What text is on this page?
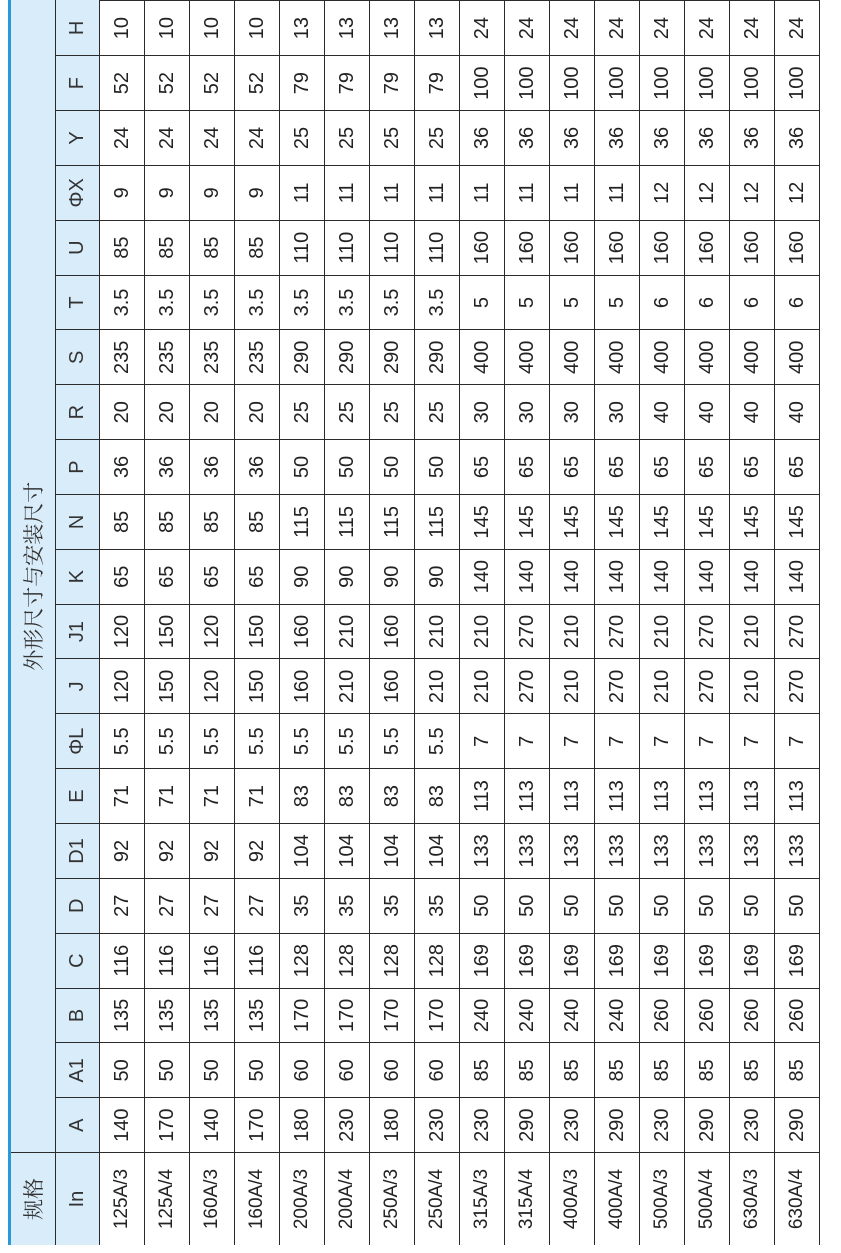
规格	外形尺寸与安装尺寸																				
In	A	A1	B	C	D	D1	E	ΦL	J	J1	K	N	P	R	S	T	U	ΦX	Y	F	H
125A/3	140	50	135	116	27	92	71	5.5	120	120	65	85	36	20	235	3.5	85	9	24	52	10
125A/4	170	50	135	116	27	92	71	5.5	150	150	65	85	36	20	235	3.5	85	9	24	52	10
160A/3	140	50	135	116	27	92	71	5.5	120	120	65	85	36	20	235	3.5	85	9	24	52	10
160A/4	170	50	135	116	27	92	71	5.5	150	150	65	85	36	20	235	3.5	85	9	24	52	10
200A/3	180	60	170	128	35	104	83	5.5	160	160	90	115	50	25	290	3.5	110	11	25	79	13
200A/4	230	60	170	128	35	104	83	5.5	210	210	90	115	50	25	290	3.5	110	11	25	79	13
250A/3	180	60	170	128	35	104	83	5.5	160	160	90	115	50	25	290	3.5	110	11	25	79	13
250A/4	230	60	170	128	35	104	83	5.5	210	210	90	115	50	25	290	3.5	110	11	25	79	13
315A/3	230	85	240	169	50	133	113	7	210	210	140	145	65	30	400	5	160	11	36	100	24
315A/4	290	85	240	169	50	133	113	7	270	270	140	145	65	30	400	5	160	11	36	100	24
400A/3	230	85	240	169	50	133	113	7	210	210	140	145	65	30	400	5	160	11	36	100	24
400A/4	290	85	240	169	50	133	113	7	270	270	140	145	65	30	400	5	160	11	36	100	24
500A/3	230	85	260	169	50	133	113	7	210	210	140	145	65	40	400	6	160	12	36	100	24
500A/4	290	85	260	169	50	133	113	7	270	270	140	145	65	40	400	6	160	12	36	100	24
630A/3	230	85	260	169	50	133	113	7	210	210	140	145	65	40	400	6	160	12	36	100	24
630A/4	290	85	260	169	50	133	113	7	270	270	140	145	65	40	400	6	160	12	36	100	24
